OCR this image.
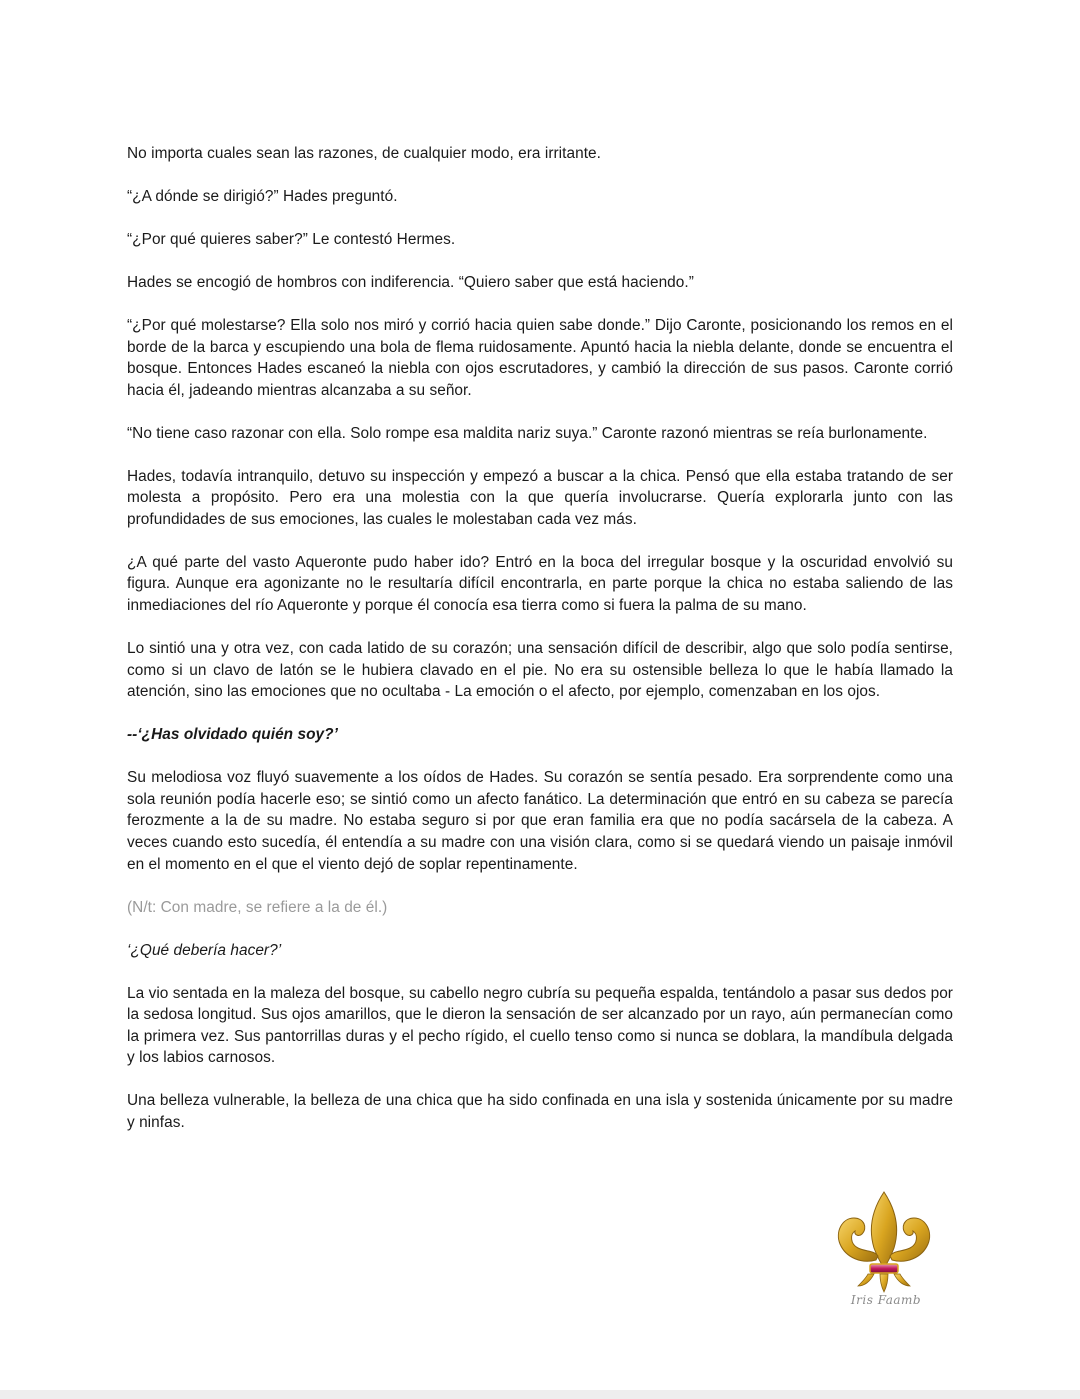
No importa cuales sean las razones, de cualquier modo, era irritante.

“¿A dónde se dirigió?” Hades preguntó.

“¿Por qué quieres saber?” Le contestó Hermes.

Hades se encogió de hombros con indiferencia. “Quiero saber que está haciendo.”

“¿Por qué molestarse? Ella solo nos miró y corrió hacia quien sabe donde.” Dijo Caronte, posicionando los remos en el borde de la barca y escupiendo una bola de flema ruidosamente. Apuntó hacia la niebla delante, donde se encuentra el bosque. Entonces Hades escaneó la niebla con ojos escrutadores, y cambió la dirección de sus pasos. Caronte corrió hacia él, jadeando mientras alcanzaba a su señor.

“No tiene caso razonar con ella. Solo rompe esa maldita nariz suya.” Caronte razonó mientras se reía burlonamente.

Hades, todavía intranquilo, detuvo su inspección y empezó a buscar a la chica. Pensó que ella estaba tratando de ser molesta a propósito. Pero era una molestia con la que quería involucrarse. Quería explorarla junto con las profundidades de sus emociones, las cuales le molestaban cada vez más.

¿A qué parte del vasto Aqueronte pudo haber ido? Entró en la boca del irregular bosque y la oscuridad envolvió su figura. Aunque era agonizante no le resultaría difícil encontrarla, en parte porque la chica no estaba saliendo de las inmediaciones del río Aqueronte y porque él conocía esa tierra como si fuera la palma de su mano.

Lo sintió una y otra vez, con cada latido de su corazón; una sensación difícil de describir, algo que solo podía sentirse, como si un clavo de latón se le hubiera clavado en el pie. No era su ostensible belleza lo que le había llamado la atención, sino las emociones que no ocultaba - La emoción o el afecto, por ejemplo, comenzaban en los ojos.

--‘¿Has olvidado quién soy?’

Su melodiosa voz fluyó suavemente a los oídos de Hades. Su corazón se sentía pesado. Era sorprendente como una sola reunión podía hacerle eso; se sintió como un afecto fanático. La determinación que entró en su cabeza se parecía ferozmente a la de su madre. No estaba seguro si por que eran familia era que no podía sacársela de la cabeza. A veces cuando esto sucedía, él entendía a su madre con una visión clara, como si se quedará viendo un paisaje inmóvil en el momento en el que el viento dejó de soplar repentinamente.

(N/t: Con madre, se refiere a la de él.)

‘¿Qué debería hacer?’

La vio sentada en la maleza del bosque, su cabello negro cubría su pequeña espalda, tentándolo a pasar sus dedos por la sedosa longitud. Sus ojos amarillos, que le dieron la sensación de ser alcanzado por un rayo, aún permanecían como la primera vez. Sus pantorrillas duras y el pecho rígido, el cuello tenso como si nunca se doblara, la mandíbula delgada y los labios carnosos.

Una belleza vulnerable, la belleza de una chica que ha sido confinada en una isla y sostenida únicamente por su madre y ninfas.

Iris Faamb
